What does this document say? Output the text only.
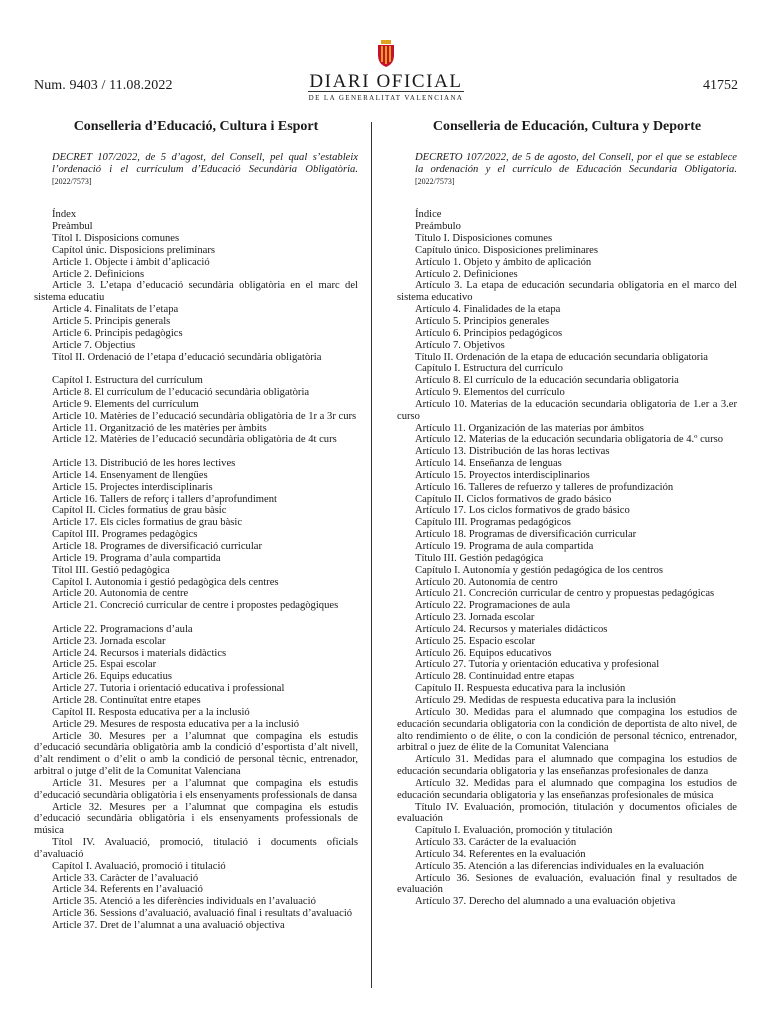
Num. 9403 / 11.08.2022	DIARI OFICIAL
DE LA GENERALITAT VALENCIANA
41752
Conselleria d’Educació, Cultura i Esport
DECRET 107/2022, de 5 d’agost, del Consell, pel qual s’estableix l’ordenació i el currículum d’Educació Secundària Obligatòria. [2022/7573]

Índex

Preàmbul

Títol I. Disposicions comunes

Capítol únic. Disposicions preliminars

Article 1. Objecte i àmbit d’aplicació

Article 2. Definicions

Article 3. L’etapa d’educació secundària obligatòria en el marc del sistema educatiu

Article 4. Finalitats de l’etapa

Article 5. Principis generals

Article 6. Principis pedagògics

Article 7. Objectius

Títol II. Ordenació de l’etapa d’educació secundària obligatòria

Capítol I. Estructura del currículum

Article 8. El currículum de l’educació secundària obligatòria

Article 9. Elements del currículum

Article 10. Matèries de l’educació secundària obligatòria de 1r a 3r curs

Article 11. Organització de les matèries per àmbits

Article 12. Matèries de l’educació secundària obligatòria de 4t curs

Article 13. Distribució de les hores lectives

Article 14. Ensenyament de llengües

Article 15. Projectes interdisciplinaris

Article 16. Tallers de reforç i tallers d’aprofundiment

Capítol II. Cicles formatius de grau bàsic

Article 17. Els cicles formatius de grau bàsic

Capítol III. Programes pedagògics

Article 18. Programes de diversificació curricular

Article 19. Programa d’aula compartida

Títol III. Gestió pedagògica

Capítol I. Autonomia i gestió pedagògica dels centres

Article 20. Autonomia de centre

Article 21. Concreció curricular de centre i propostes pedagògiques

Article 22. Programacions d’aula

Article 23. Jornada escolar

Article 24. Recursos i materials didàctics

Article 25. Espai escolar

Article 26. Equips educatius

Article 27. Tutoria i orientació educativa i professional

Article 28. Continuïtat entre etapes

Capítol II. Resposta educativa per a la inclusió

Article 29. Mesures de resposta educativa per a la inclusió

Article 30. Mesures per a l’alumnat que compagina els estudis d’educació secundària obligatòria amb la condició d’esportista d’alt nivell, d’alt rendiment o d’elit o amb la condició de personal tècnic, entrenador, arbitral o jutge d’elit de la Comunitat Valenciana

Article 31. Mesures per a l’alumnat que compagina els estudis d’educació secundària obligatòria i els ensenyaments professionals de dansa

Article 32. Mesures per a l’alumnat que compagina els estudis d’educació secundària obligatòria i els ensenyaments professionals de música

Títol IV. Avaluació, promoció, titulació i documents oficials d’avaluació

Capítol I. Avaluació, promoció i titulació

Article 33. Caràcter de l’avaluació

Article 34. Referents en l’avaluació

Article 35. Atenció a les diferències individuals en l’avaluació

Article 36. Sessions d’avaluació, avaluació final i resultats d’avaluació

Article 37. Dret de l’alumnat a una avaluació objectiva

Conselleria de Educación, Cultura y Deporte
DECRETO 107/2022, de 5 de agosto, del Consell, por el que se establece la ordenación y el currículo de Educación Secundaria Obligatoria. [2022/7573]

Índice

Preámbulo

Título I. Disposiciones comunes

Capítulo único. Disposiciones preliminares

Artículo 1. Objeto y ámbito de aplicación

Artículo 2. Definiciones

Artículo 3. La etapa de educación secundaria obligatoria en el marco del sistema educativo

Artículo 4. Finalidades de la etapa

Artículo 5. Principios generales

Artículo 6. Principios pedagógicos

Artículo 7. Objetivos

Título II. Ordenación de la etapa de educación secundaria obligatoria

Capítulo I. Estructura del currículo

Artículo 8. El currículo de la educación secundaria obligatoria

Artículo 9. Elementos del currículo

Artículo 10. Materias de la educación secundaria obligatoria de 1.er a 3.er curso

Artículo 11. Organización de las materias por ámbitos

Artículo 12. Materias de la educación secundaria obligatoria de 4.º curso

Artículo 13. Distribución de las horas lectivas

Artículo 14. Enseñanza de lenguas

Artículo 15. Proyectos interdisciplinarios

Artículo 16. Talleres de refuerzo y talleres de profundización

Capítulo II. Ciclos formativos de grado básico

Artículo 17. Los ciclos formativos de grado básico

Capítulo III. Programas pedagógicos

Artículo 18. Programas de diversificación curricular

Artículo 19. Programa de aula compartida

Título III. Gestión pedagógica

Capítulo I. Autonomía y gestión pedagógica de los centros

Artículo 20. Autonomía de centro

Artículo 21. Concreción curricular de centro y propuestas pedagógicas

Artículo 22. Programaciones de aula

Artículo 23. Jornada escolar

Artículo 24. Recursos y materiales didácticos

Artículo 25. Espacio escolar

Artículo 26. Equipos educativos

Artículo 27. Tutoría y orientación educativa y profesional

Artículo 28. Continuidad entre etapas

Capítulo II. Respuesta educativa para la inclusión

Artículo 29. Medidas de respuesta educativa para la inclusión

Artículo 30. Medidas para el alumnado que compagina los estudios de educación secundaria obligatoria con la condición de deportista de alto nivel, de alto rendimiento o de élite, o con la condición de personal técnico, entrenador, arbitral o juez de élite de la Comunitat Valenciana

Artículo 31. Medidas para el alumnado que compagina los estudios de educación secundaria obligatoria y las enseñanzas profesionales de danza

Artículo 32. Medidas para el alumnado que compagina los estudios de educación secundaria obligatoria y las enseñanzas profesionales de música

Título IV. Evaluación, promoción, titulación y documentos oficiales de evaluación

Capítulo I. Evaluación, promoción y titulación

Artículo 33. Carácter de la evaluación

Artículo 34. Referentes en la evaluación

Artículo 35. Atención a las diferencias individuales en la evaluación

Artículo 36. Sesiones de evaluación, evaluación final y resultados de evaluación

Artículo 37. Derecho del alumnado a una evaluación objetiva
